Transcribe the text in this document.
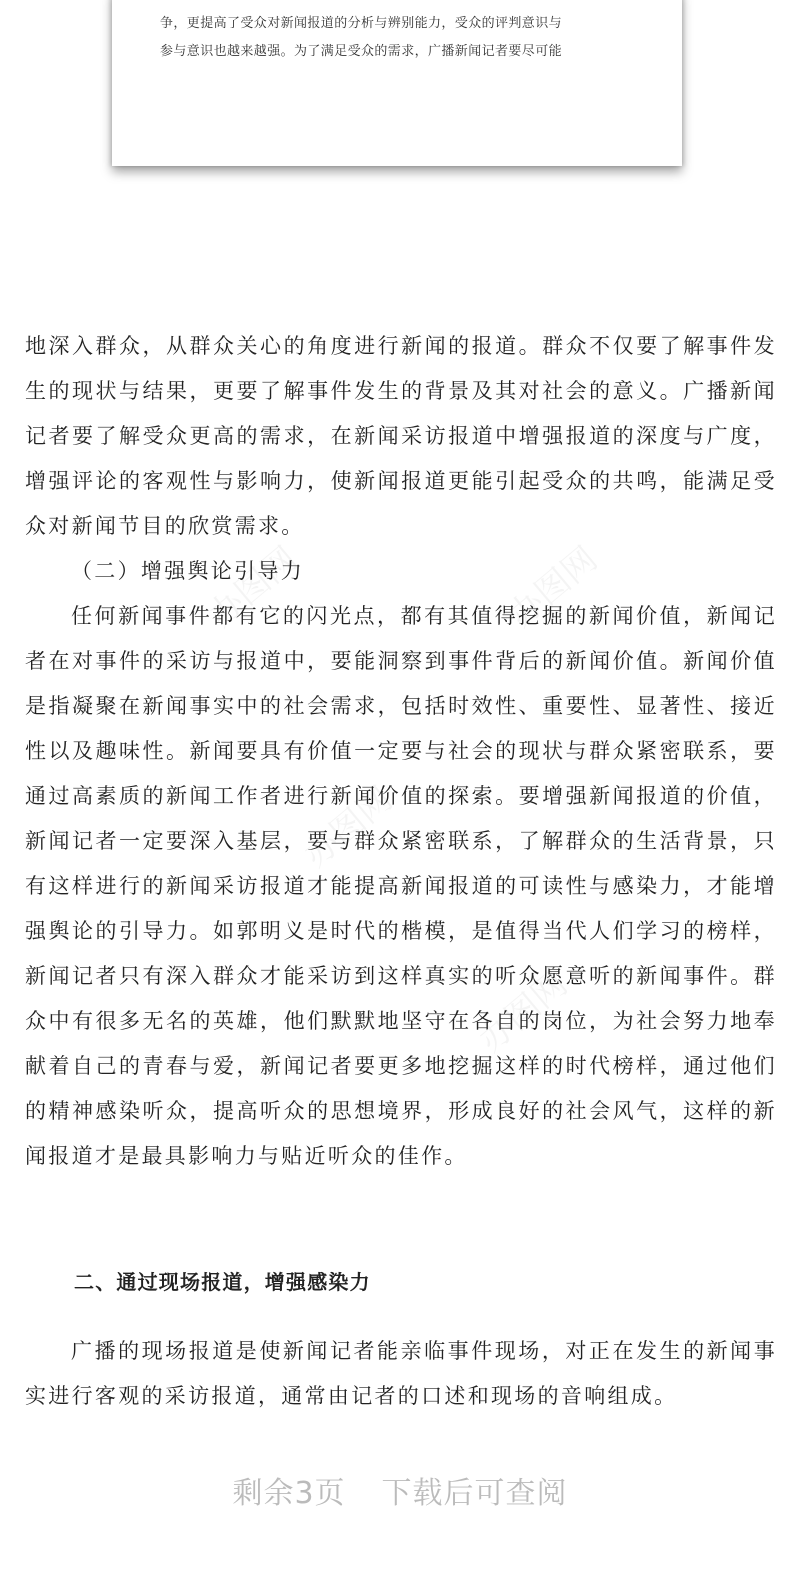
争，更提高了受众对新闻报道的分析与辨别能力，受众的评判意识与
参与意识也越来越强。为了满足受众的需求，广播新闻记者要尽可能

地深入群众，从群众关心的角度进行新闻的报道。群众不仅要了解事件发生的现状与结果，更要了解事件发生的背景及其对社会的意义。广播新闻记者要了解受众更高的需求，在新闻采访报道中增强报道的深度与广度，增强评论的客观性与影响力，使新闻报道更能引起受众的共鸣，能满足受众对新闻节目的欣赏需求。

（二）增强舆论引导力

任何新闻事件都有它的闪光点，都有其值得挖掘的新闻价值，新闻记者在对事件的采访与报道中，要能洞察到事件背后的新闻价值。新闻价值是指凝聚在新闻事实中的社会需求，包括时效性、重要性、显著性、接近性以及趣味性。新闻要具有价值一定要与社会的现状与群众紧密联系，要通过高素质的新闻工作者进行新闻价值的探索。要增强新闻报道的价值，新闻记者一定要深入基层，要与群众紧密联系，了解群众的生活背景，只有这样进行的新闻采访报道才能提高新闻报道的可读性与感染力，才能增强舆论的引导力。如郭明义是时代的楷模，是值得当代人们学习的榜样，新闻记者只有深入群众才能采访到这样真实的听众愿意听的新闻事件。群众中有很多无名的英雄，他们默默地坚守在各自的岗位，为社会努力地奉献着自己的青春与爱，新闻记者要更多地挖掘这样的时代榜样，通过他们的精神感染听众，提高听众的思想境界，形成良好的社会风气，这样的新闻报道才是最具影响力与贴近听众的佳作。

二、通过现场报道，增强感染力

广播的现场报道是使新闻记者能亲临事件现场，对正在发生的新闻事实进行客观的采访报道，通常由记者的口述和现场的音响组成。

剩余3页 下载后可查阅
